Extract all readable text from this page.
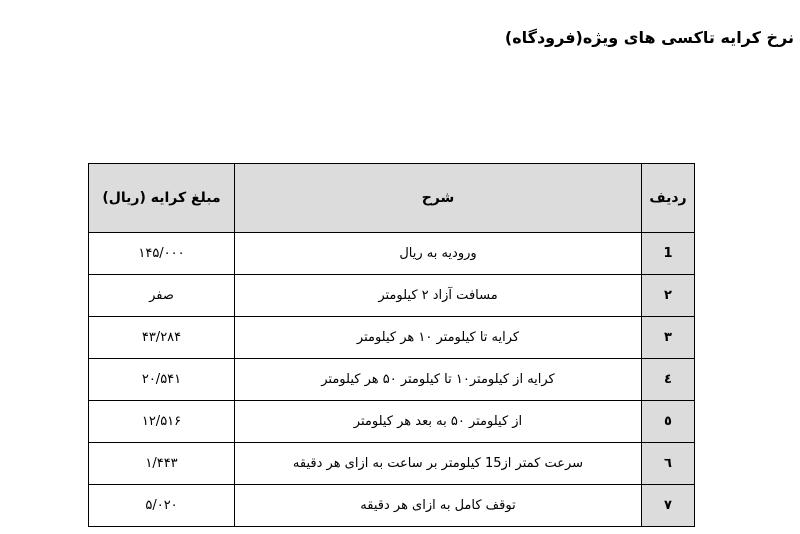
نرخ کرایه تاکسی های ویژه(فرودگاه)
ردیف	شرح	مبلغ کرایه (ریال)
1	ورودیه به ریال	۱۴۵/۰۰۰
۲	مسافت آزاد ۲ کیلومتر	صفر
۳	کرایه تا کیلومتر ۱۰ هر کیلومتر	۴۳/۲۸۴
٤	کرایه از کیلومتر۱۰ تا کیلومتر ۵۰ هر کیلومتر	۲۰/۵۴۱
٥	از کیلومتر ۵۰ به بعد هر کیلومتر	۱۲/۵۱۶
٦	سرعت کمتر از15 کیلومتر بر ساعت به ازای هر دقیقه	۱/۴۴۳
۷	توقف کامل به ازای هر دقیقه	۵/۰۲۰
